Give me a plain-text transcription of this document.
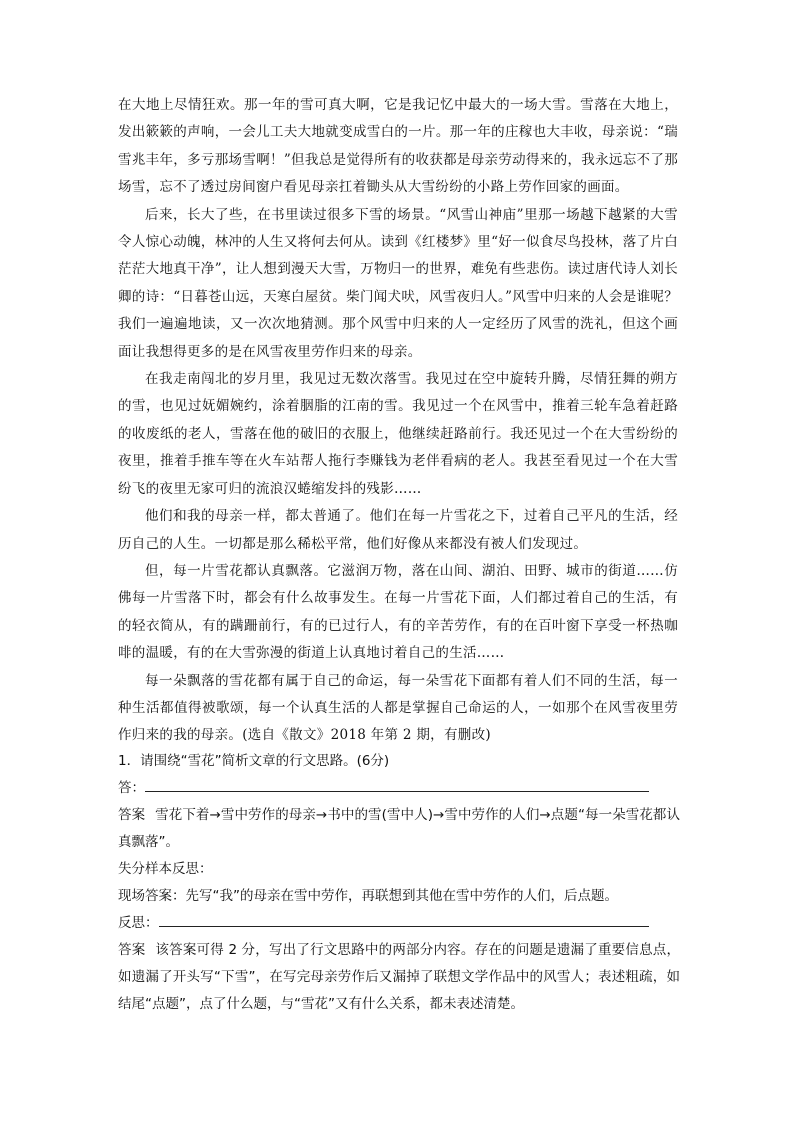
在大地上尽情狂欢。那一年的雪可真大啊，它是我记忆中最大的一场大雪。雪落在大地上，发出簌簌的声响，一会儿工夫大地就变成雪白的一片。那一年的庄稼也大丰收，母亲说：“瑞雪兆丰年，多亏那场雪啊！”但我总是觉得所有的收获都是母亲劳动得来的，我永远忘不了那场雪，忘不了透过房间窗户看见母亲扛着锄头从大雪纷纷的小路上劳作回家的画面。

后来，长大了些，在书里读过很多下雪的场景。“风雪山神庙”里那一场越下越紧的大雪令人惊心动魄，林冲的人生又将何去何从。读到《红楼梦》里“好一似食尽鸟投林，落了片白茫茫大地真干净”，让人想到漫天大雪，万物归一的世界，难免有些悲伤。读过唐代诗人刘长卿的诗：“日暮苍山远，天寒白屋贫。柴门闻犬吠，风雪夜归人。”风雪中归来的人会是谁呢？我们一遍遍地读，又一次次地猜测。那个风雪中归来的人一定经历了风雪的洗礼，但这个画面让我想得更多的是在风雪夜里劳作归来的母亲。

在我走南闯北的岁月里，我见过无数次落雪。我见过在空中旋转升腾，尽情狂舞的朔方的雪，也见过妩媚婉约，涂着胭脂的江南的雪。我见过一个在风雪中，推着三轮车急着赶路的收废纸的老人，雪落在他的破旧的衣服上，他继续赶路前行。我还见过一个在大雪纷纷的夜里，推着手推车等在火车站帮人拖行李赚钱为老伴看病的老人。我甚至看见过一个在大雪纷飞的夜里无家可归的流浪汉蜷缩发抖的残影……

他们和我的母亲一样，都太普通了。他们在每一片雪花之下，过着自己平凡的生活，经历自己的人生。一切都是那么稀松平常，他们好像从来都没有被人们发现过。

但，每一片雪花都认真飘落。它滋润万物，落在山间、湖泊、田野、城市的街道……仿佛每一片雪落下时，都会有什么故事发生。在每一片雪花下面，人们都过着自己的生活，有的轻衣简从，有的蹒跚前行，有的已过行人，有的辛苦劳作，有的在百叶窗下享受一杯热咖啡的温暖，有的在大雪弥漫的街道上认真地讨着自己的生活……

每一朵飘落的雪花都有属于自己的命运，每一朵雪花下面都有着人们不同的生活，每一种生活都值得被歌颂，每一个认真生活的人都是掌握自己命运的人，一如那个在风雪夜里劳作归来的我的母亲。(选自《散文》2018 年第 2 期，有删改)

1．请围绕“雪花”简析文章的行文思路。(6分)

答：

答案 雪花下着→雪中劳作的母亲→书中的雪(雪中人)→雪中劳作的人们→点题“每一朵雪花都认真飘落”。

失分样本反思：

现场答案：先写“我”的母亲在雪中劳作，再联想到其他在雪中劳作的人们，后点题。

反思：

答案 该答案可得 2 分，写出了行文思路中的两部分内容。存在的问题是遗漏了重要信息点，如遗漏了开头写“下雪”，在写完母亲劳作后又漏掉了联想文学作品中的风雪人；表述粗疏，如结尾“点题”，点了什么题，与“雪花”又有什么关系，都未表述清楚。
